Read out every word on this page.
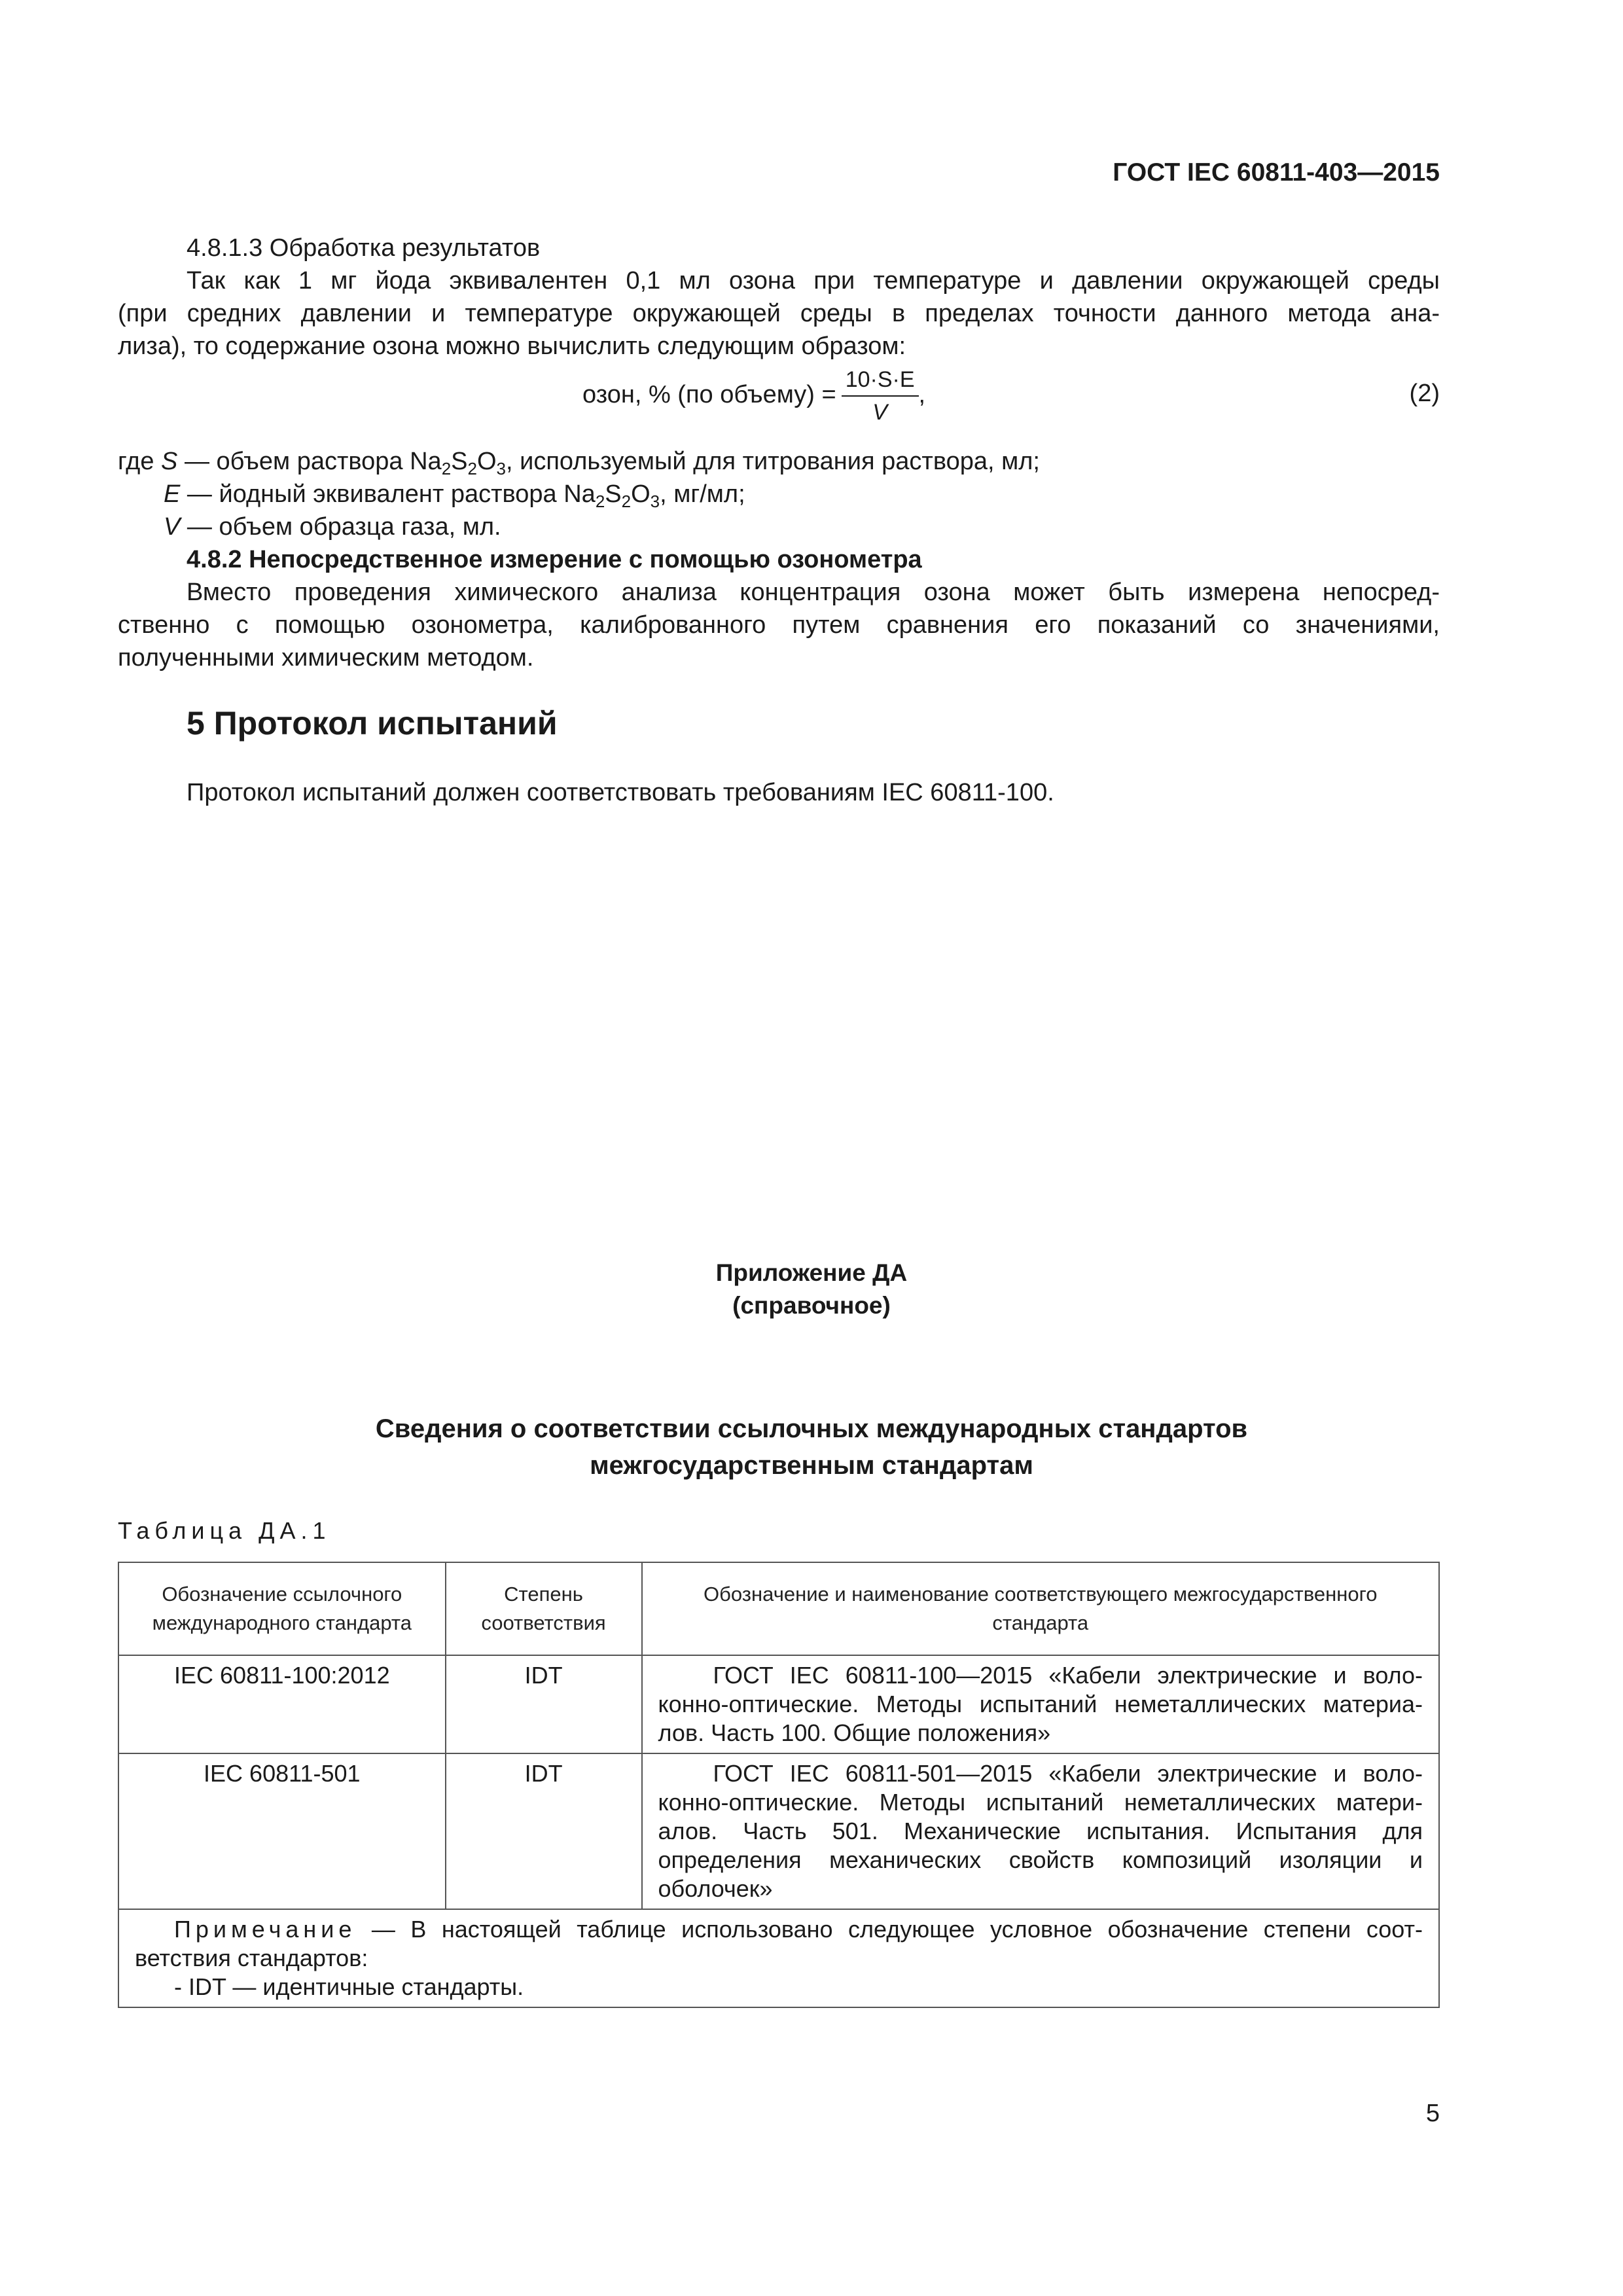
ГОСТ IEC 60811-403—2015
4.8.1.3 Обработка результатов
Так как 1 мг йода эквивалентен 0,1 мл озона при температуре и давлении окружающей среды
(при средних давлении и температуре окружающей среды в пределах точности данного метода ана-
лиза), то содержание озона можно вычислить следующим образом:
озон, % (по объему) = $\frac{10\cdot S\cdot E}{V}$ ,	(2)
где S — объем раствора $Na_2S_2O_3$, используемый для титрования раствора, мл;
E — йодный эквивалент раствора $Na_2S_2O_3$, мг/мл;
V — объем образца газа, мл.
4.8.2 Непосредственное измерение с помощью озонометра
Вместо проведения химического анализа концентрация озона может быть измерена непосред-
ственно с помощью озонометра, калиброванного путем сравнения его показаний со значениями,
полученными химическим методом.
5 Протокол испытаний
Протокол испытаний должен соответствовать требованиям IEC 60811-100.
Приложение ДА
(справочное)
Сведения о соответствии ссылочных международных стандартов
межгосударственным стандартам
Таблица ДА.1
Обозначение ссылочного международного стандарта	Степень соответствия	Обозначение и наименование соответствующего межгосударственного стандарта
IEC 60811-100:2012	IDT	ГОСТ IEC 60811-100—2015 «Кабели электрические и воло-конно-оптические. Методы испытаний неметаллических материа-лов. Часть 100. Общие положения»
IEC 60811-501	IDT	ГОСТ IEC 60811-501—2015 «Кабели электрические и воло-конно-оптические. Методы испытаний неметаллических матери-алов. Часть 501. Механические испытания. Испытания для определения механических свойств композиций изоляции и оболочек»

Примечание — В настоящей таблице использовано следующее условное обозначение степени соот-ветствия стандартов:
- IDT — идентичные стандарты.		
5
